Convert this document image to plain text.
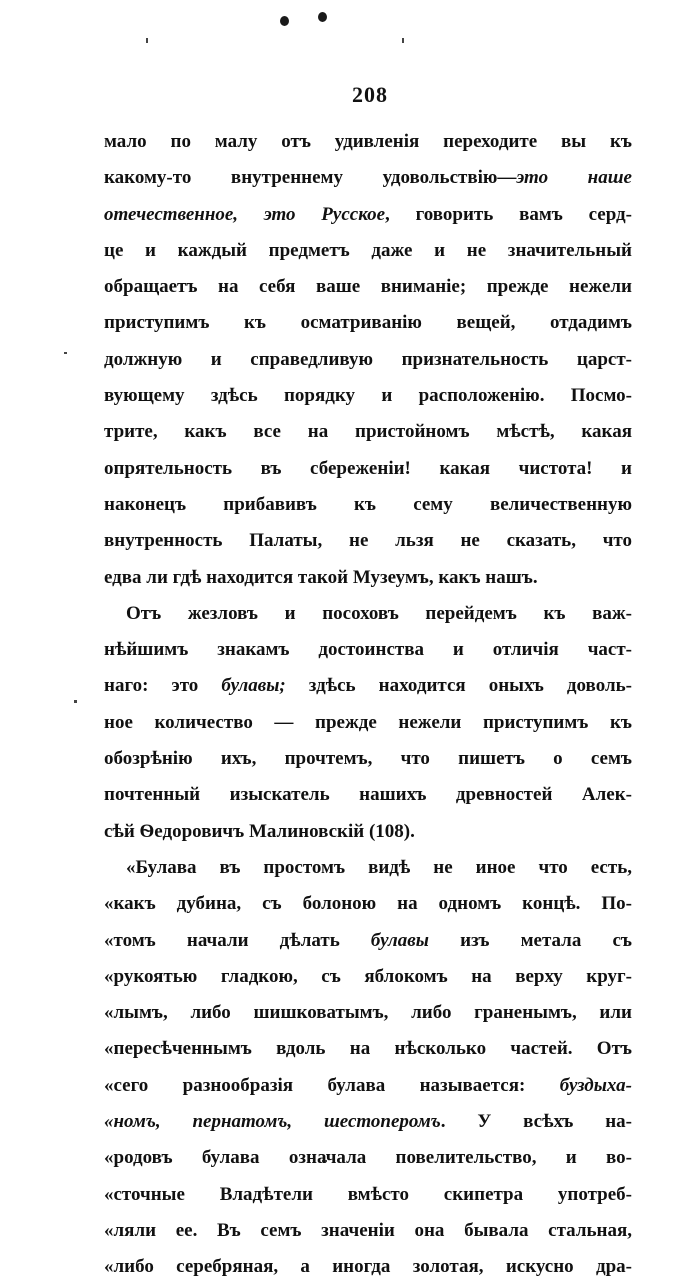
208
мало по малу отъ удивленія переходите вы къ
какому-то внутреннему удовольствію—это наше
отечественное, это Русское, говорить вамъ серд-
це и каждый предметъ даже и не значительный
обращаетъ на себя ваше вниманіе; прежде нежели
приступимъ къ осматриванію вещей, отдадимъ
должную и справедливую признательность царст-
вующему здѣсь порядку и расположенію. Посмо-
трите, какъ все на пристойномъ мѣстѣ, какая
опрятельность въ сбереженіи! какая чистота! и
наконецъ прибавивъ къ сему величественную
внутренность Палаты, не льзя не сказать, что
едва ли гдѣ находится такой Музеумъ, какъ нашъ.
Отъ жезловъ и посоховъ перейдемъ къ важ-
нѣйшимъ знакамъ достоинства и отличія част-
наго: это булавы; здѣсь находится оныхъ доволь-
ное количество — прежде нежели приступимъ къ
обозрѣнію ихъ, прочтемъ, что пишетъ о семъ
почтенный изыскатель нашихъ древностей Алек-
сѣй Ѳедоровичъ Малиновскій (108).
«Булава въ простомъ видѣ не иное что есть,
«какъ дубина, съ болоною на одномъ концѣ. По-
«томъ начали дѣлать булавы изъ метала съ
«рукоятью гладкою, съ яблокомъ на верху круг-
«лымъ, либо шишковатымъ, либо граненымъ, или
«пересѣченнымъ вдоль на нѣсколько частей. Отъ
«сего разнообразія булава называется: буздыха-
«номъ, пернатомъ, шестоперомъ. У всѣхъ на-
«родовъ булава означала повелительство, и во-
«сточные Владѣтели вмѣсто скипетра употреб-
«ляли ее. Въ семъ значеніи она бывала стальная,
«либо серебряная, а иногда золотая, искусно дра-
